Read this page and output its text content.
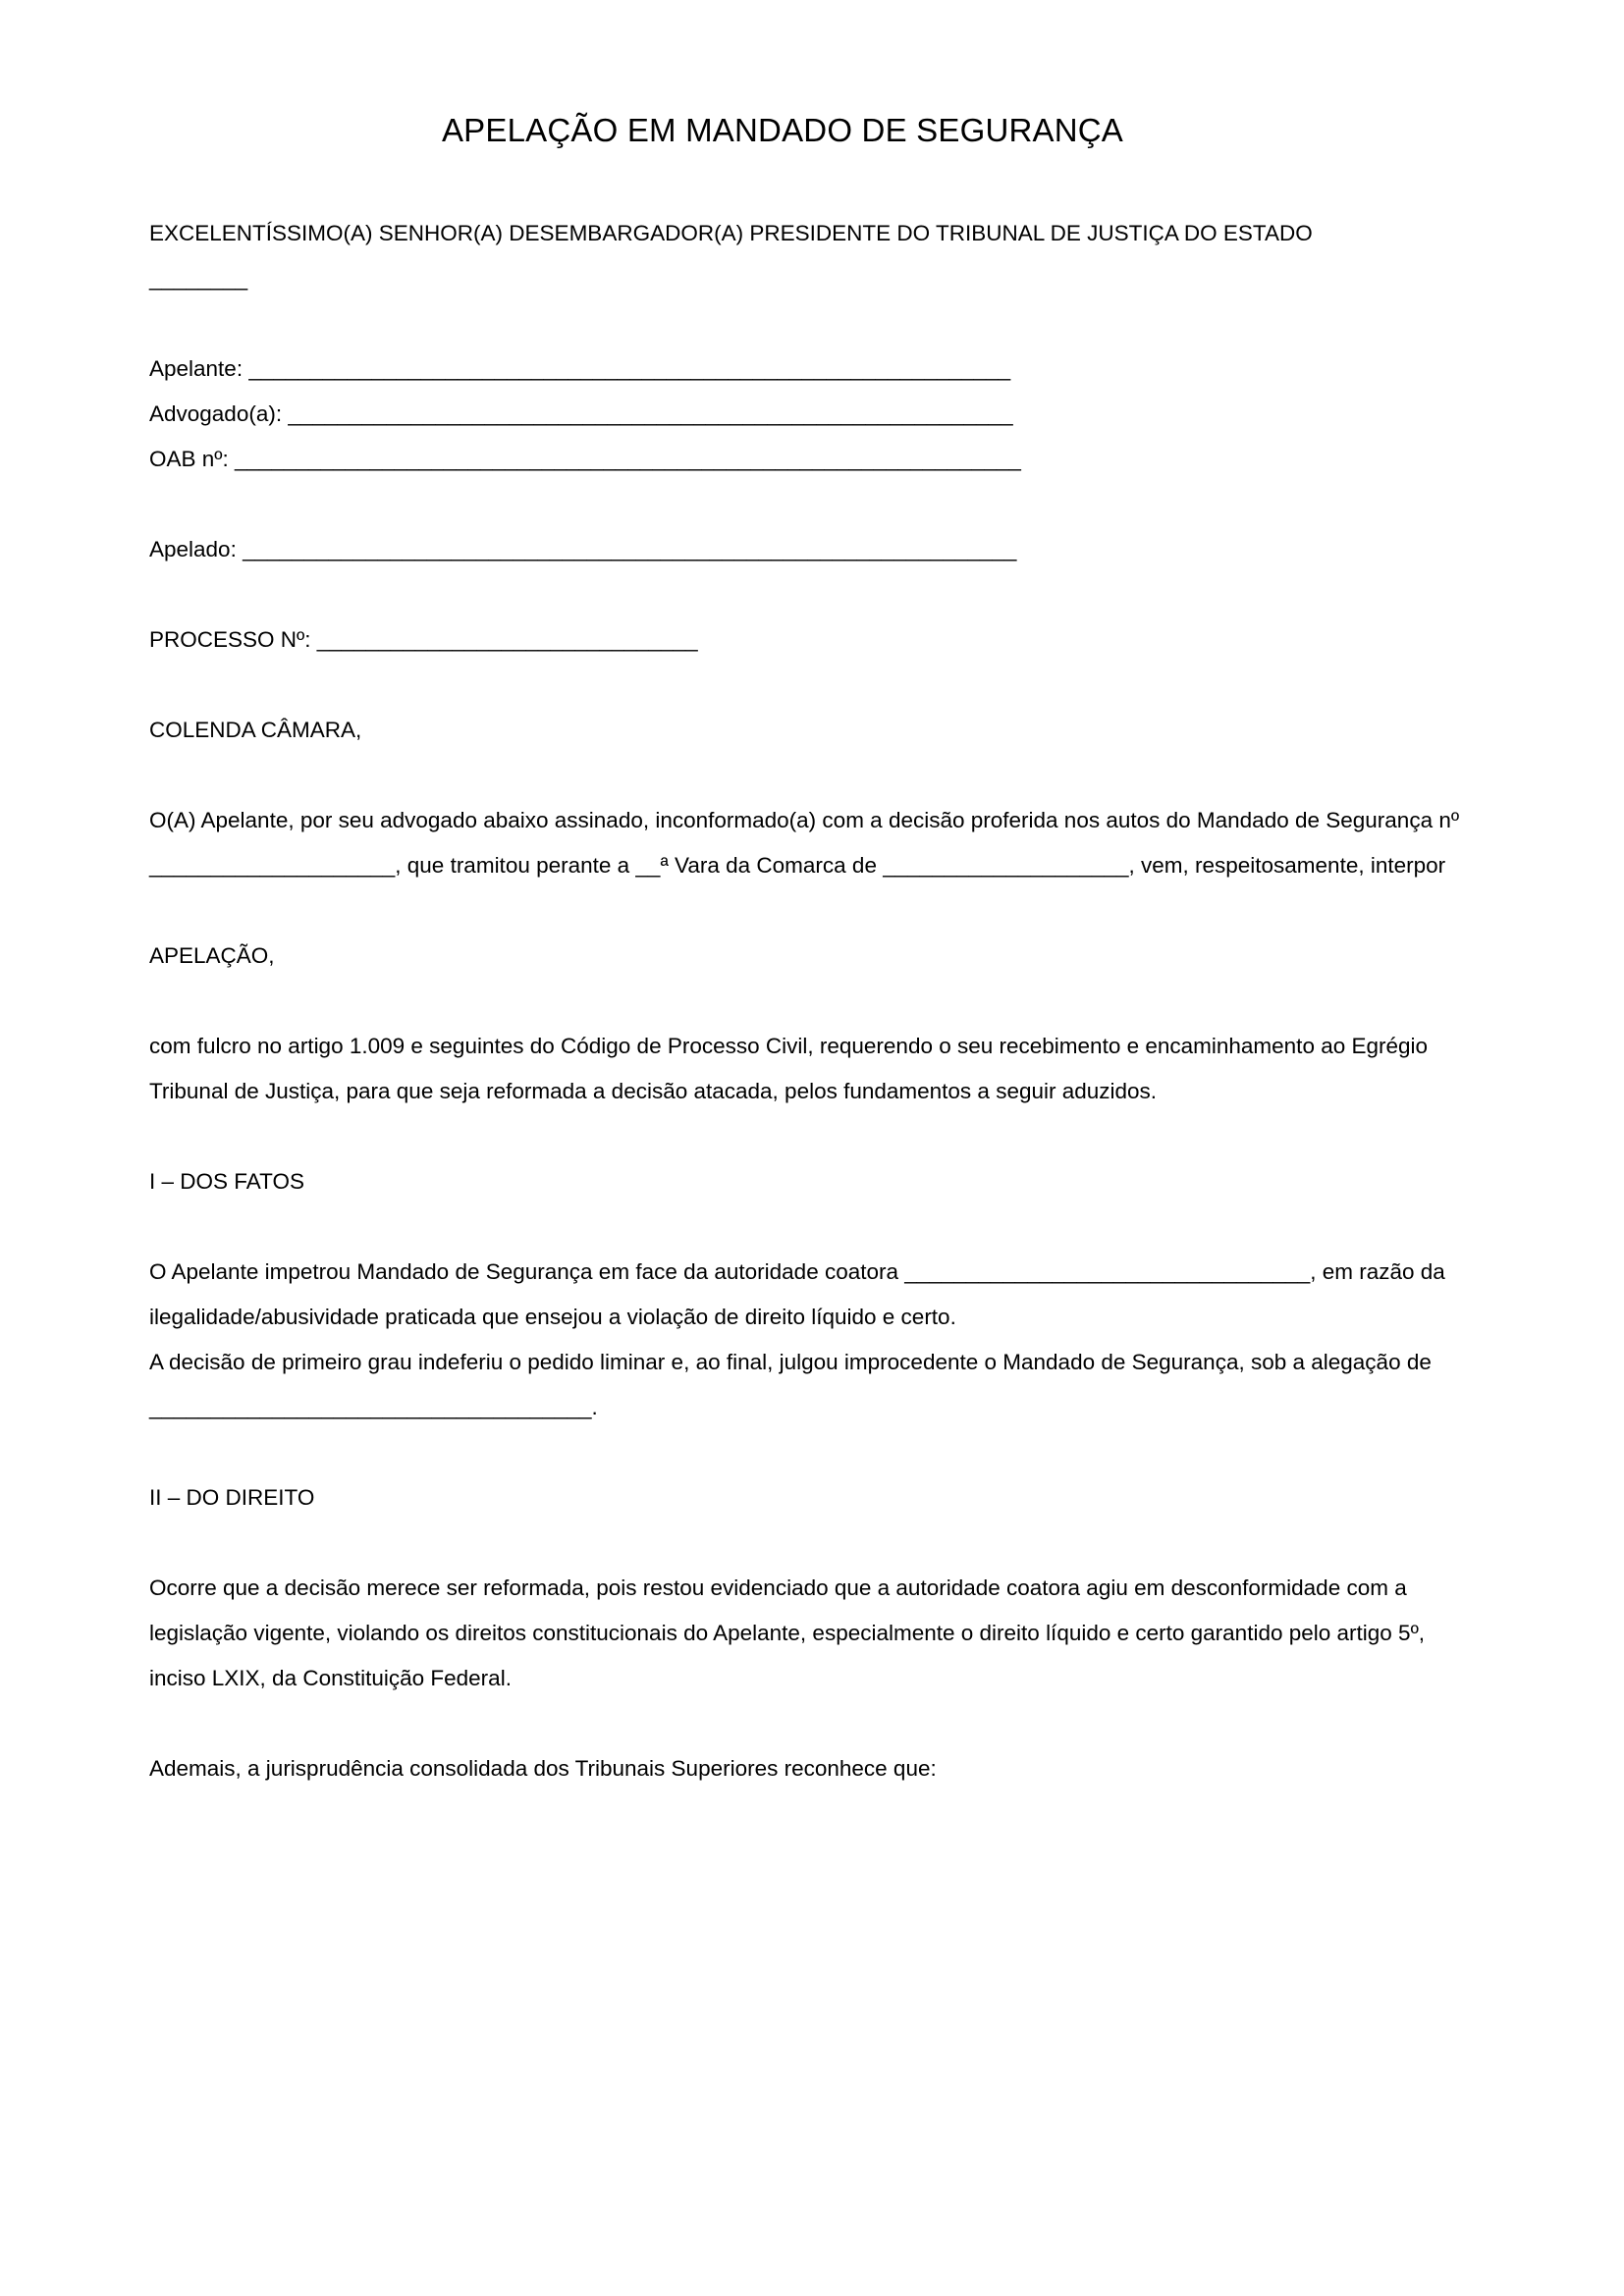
APELAÇÃO EM MANDADO DE SEGURANÇA

EXCELENTÍSSIMO(A) SENHOR(A) DESEMBARGADOR(A) PRESIDENTE DO TRIBUNAL DE JUSTIÇA DO ESTADO

________

Apelante: ______________________________________________________________

Advogado(a): ___________________________________________________________

OAB nº: ________________________________________________________________

Apelado: _______________________________________________________________

PROCESSO Nº: _______________________________

COLENDA CÂMARA,

O(A) Apelante, por seu advogado abaixo assinado, inconformado(a) com a decisão proferida nos autos do Mandado de Segurança nº ____________________, que tramitou perante a __ª Vara da Comarca de ____________________, vem, respeitosamente, interpor

APELAÇÃO,

com fulcro no artigo 1.009 e seguintes do Código de Processo Civil, requerendo o seu recebimento e encaminhamento ao Egrégio Tribunal de Justiça, para que seja reformada a decisão atacada, pelos fundamentos a seguir aduzidos.

I – DOS FATOS

O Apelante impetrou Mandado de Segurança em face da autoridade coatora _________________________________, em razão da ilegalidade/abusividade praticada que ensejou a violação de direito líquido e certo.

A decisão de primeiro grau indeferiu o pedido liminar e, ao final, julgou improcedente o Mandado de Segurança, sob a alegação de ____________________________________.

II – DO DIREITO

Ocorre que a decisão merece ser reformada, pois restou evidenciado que a autoridade coatora agiu em desconformidade com a legislação vigente, violando os direitos constitucionais do Apelante, especialmente o direito líquido e certo garantido pelo artigo 5º, inciso LXIX, da Constituição Federal.

Ademais, a jurisprudência consolidada dos Tribunais Superiores reconhece que:
